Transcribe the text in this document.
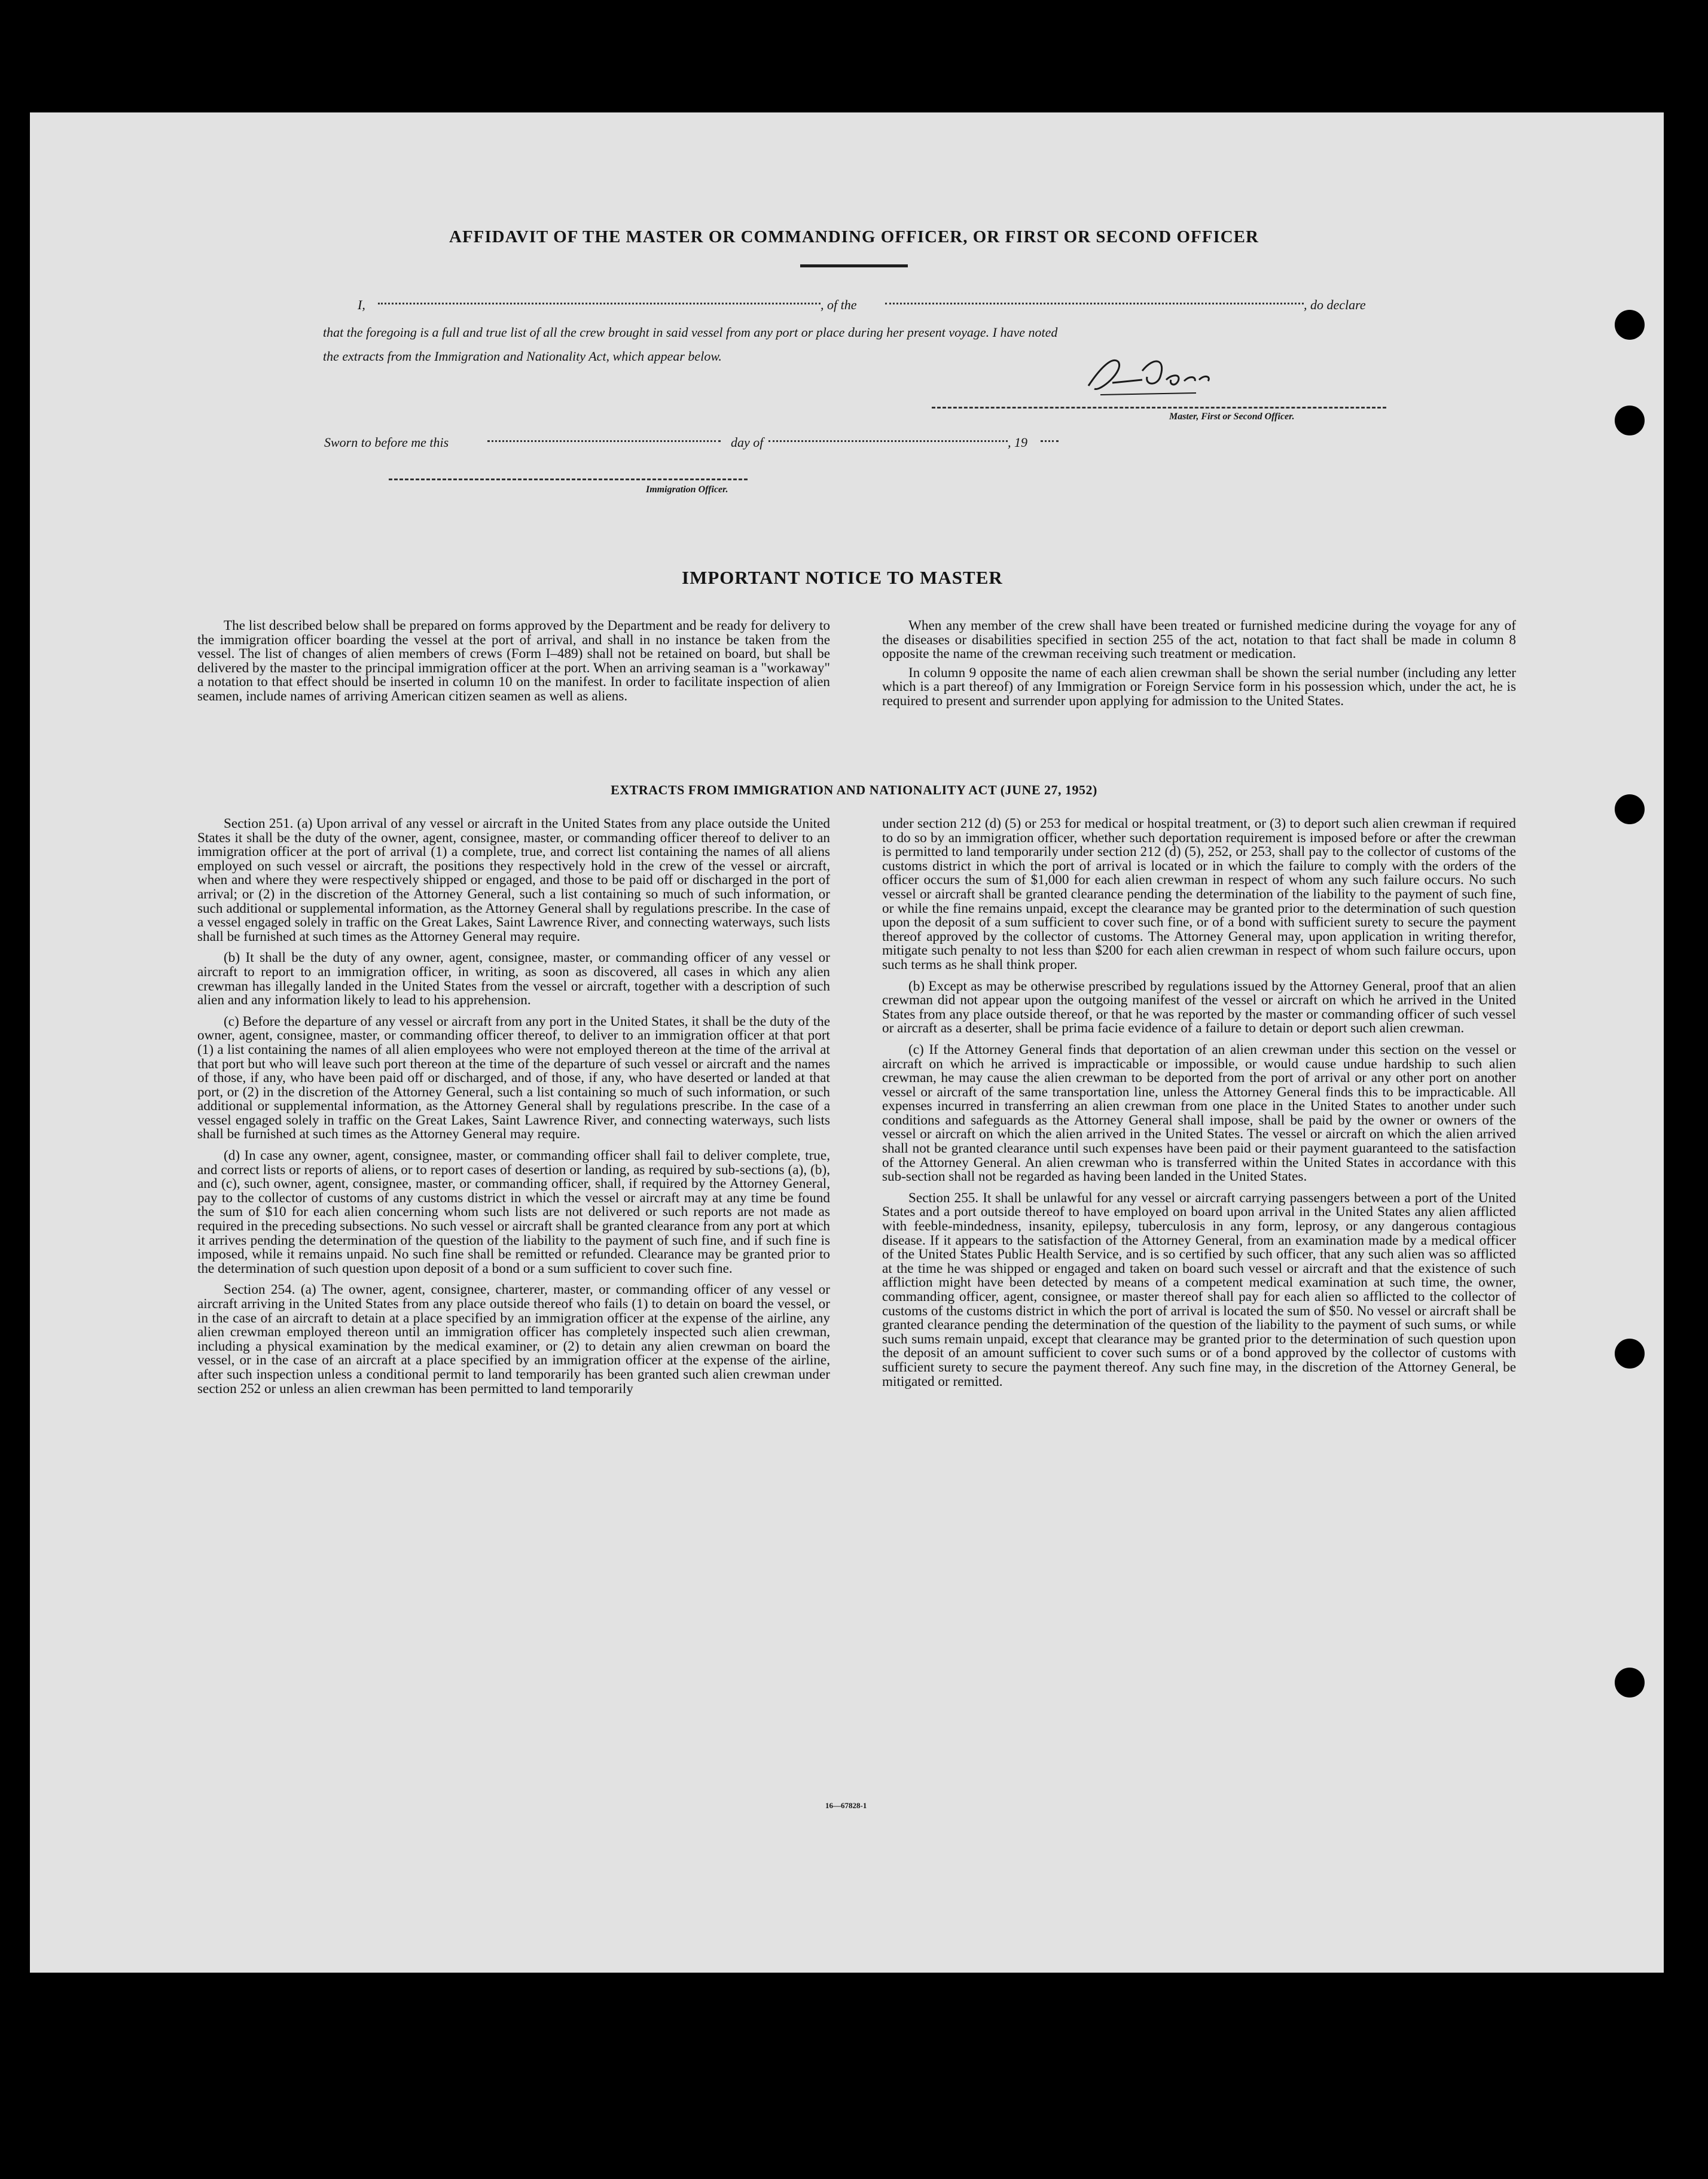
AFFIDAVIT OF THE MASTER OR COMMANDING OFFICER, OR FIRST OR SECOND OFFICER
I,	, of the	, do declare
that the foregoing is a full and true list of all the crew brought in said vessel from any port or place during her present voyage. I have noted
the extracts from the Immigration and Nationality Act, which appear below.
Master, First or Second Officer.
Sworn to before me this	day of	, 19
Immigration Officer.
IMPORTANT NOTICE TO MASTER

The list described below shall be prepared on forms approved by the Department and be ready for delivery to the immigration officer boarding the vessel at the port of arrival, and shall in no instance be taken from the vessel. The list of changes of alien members of crews (Form I–489) shall not be retained on board, but shall be delivered by the master to the principal immigration officer at the port. When an arriving seaman is a "workaway" a notation to that effect should be inserted in column 10 on the manifest. In order to facilitate inspection of alien seamen, include names of arriving American citizen seamen as well as aliens.

When any member of the crew shall have been treated or furnished medicine during the voyage for any of the diseases or disabilities specified in section 255 of the act, notation to that fact shall be made in column 8 opposite the name of the crewman receiving such treatment or medication.

In column 9 opposite the name of each alien crewman shall be shown the serial number (including any letter which is a part thereof) of any Immigration or Foreign Service form in his possession which, under the act, he is required to present and surrender upon applying for admission to the United States.

EXTRACTS FROM IMMIGRATION AND NATIONALITY ACT (JUNE 27, 1952)

Section 251. (a) Upon arrival of any vessel or aircraft in the United States from any place outside the United States it shall be the duty of the owner, agent, consignee, master, or commanding officer thereof to deliver to an immigration officer at the port of arrival (1) a complete, true, and correct list containing the names of all aliens employed on such vessel or aircraft, the positions they respectively hold in the crew of the vessel or aircraft, when and where they were respectively shipped or engaged, and those to be paid off or discharged in the port of arrival; or (2) in the discretion of the Attorney General, such a list containing so much of such information, or such additional or supplemental information, as the Attorney General shall by regulations prescribe. In the case of a vessel engaged solely in traffic on the Great Lakes, Saint Lawrence River, and connecting waterways, such lists shall be furnished at such times as the Attorney General may require.

(b) It shall be the duty of any owner, agent, consignee, master, or commanding officer of any vessel or aircraft to report to an immigration officer, in writing, as soon as discovered, all cases in which any alien crewman has illegally landed in the United States from the vessel or aircraft, together with a description of such alien and any information likely to lead to his apprehension.

(c) Before the departure of any vessel or aircraft from any port in the United States, it shall be the duty of the owner, agent, consignee, master, or commanding officer thereof, to deliver to an immigration officer at that port (1) a list containing the names of all alien employees who were not employed thereon at the time of the arrival at that port but who will leave such port thereon at the time of the departure of such vessel or aircraft and the names of those, if any, who have been paid off or discharged, and of those, if any, who have deserted or landed at that port, or (2) in the discretion of the Attorney General, such a list containing so much of such information, or such additional or supplemental information, as the Attorney General shall by regulations prescribe. In the case of a vessel engaged solely in traffic on the Great Lakes, Saint Lawrence River, and connecting waterways, such lists shall be furnished at such times as the Attorney General may require.

(d) In case any owner, agent, consignee, master, or commanding officer shall fail to deliver complete, true, and correct lists or reports of aliens, or to report cases of desertion or landing, as required by sub-sections (a), (b), and (c), such owner, agent, consignee, master, or commanding officer, shall, if required by the Attorney General, pay to the collector of customs of any customs district in which the vessel or aircraft may at any time be found the sum of $10 for each alien concerning whom such lists are not delivered or such reports are not made as required in the preceding subsections. No such vessel or aircraft shall be granted clearance from any port at which it arrives pending the determination of the question of the liability to the payment of such fine, and if such fine is imposed, while it remains unpaid. No such fine shall be remitted or refunded. Clearance may be granted prior to the determination of such question upon deposit of a bond or a sum sufficient to cover such fine.

Section 254. (a) The owner, agent, consignee, charterer, master, or commanding officer of any vessel or aircraft arriving in the United States from any place outside thereof who fails (1) to detain on board the vessel, or in the case of an aircraft to detain at a place specified by an immigration officer at the expense of the airline, any alien crewman employed thereon until an immigration officer has completely inspected such alien crewman, including a physical examination by the medical examiner, or (2) to detain any alien crewman on board the vessel, or in the case of an aircraft at a place specified by an immigration officer at the expense of the airline, after such inspection unless a conditional permit to land temporarily has been granted such alien crewman under section 252 or unless an alien crewman has been permitted to land temporarily

under section 212 (d) (5) or 253 for medical or hospital treatment, or (3) to deport such alien crewman if required to do so by an immigration officer, whether such deportation requirement is imposed before or after the crewman is permitted to land temporarily under section 212 (d) (5), 252, or 253, shall pay to the collector of customs of the customs district in which the port of arrival is located or in which the failure to comply with the orders of the officer occurs the sum of $1,000 for each alien crewman in respect of whom any such failure occurs. No such vessel or aircraft shall be granted clearance pending the determination of the liability to the payment of such fine, or while the fine remains unpaid, except the clearance may be granted prior to the determination of such question upon the deposit of a sum sufficient to cover such fine, or of a bond with sufficient surety to secure the payment thereof approved by the collector of customs. The Attorney General may, upon application in writing therefor, mitigate such penalty to not less than $200 for each alien crewman in respect of whom such failure occurs, upon such terms as he shall think proper.

(b) Except as may be otherwise prescribed by regulations issued by the Attorney General, proof that an alien crewman did not appear upon the outgoing manifest of the vessel or aircraft on which he arrived in the United States from any place outside thereof, or that he was reported by the master or commanding officer of such vessel or aircraft as a deserter, shall be prima facie evidence of a failure to detain or deport such alien crewman.

(c) If the Attorney General finds that deportation of an alien crewman under this section on the vessel or aircraft on which he arrived is impracticable or impossible, or would cause undue hardship to such alien crewman, he may cause the alien crewman to be deported from the port of arrival or any other port on another vessel or aircraft of the same transportation line, unless the Attorney General finds this to be impracticable. All expenses incurred in transferring an alien crewman from one place in the United States to another under such conditions and safeguards as the Attorney General shall impose, shall be paid by the owner or owners of the vessel or aircraft on which the alien arrived in the United States. The vessel or aircraft on which the alien arrived shall not be granted clearance until such expenses have been paid or their payment guaranteed to the satisfaction of the Attorney General. An alien crewman who is transferred within the United States in accordance with this sub-section shall not be regarded as having been landed in the United States.

Section 255. It shall be unlawful for any vessel or aircraft carrying passengers between a port of the United States and a port outside thereof to have employed on board upon arrival in the United States any alien afflicted with feeble-mindedness, insanity, epilepsy, tuberculosis in any form, leprosy, or any dangerous contagious disease. If it appears to the satisfaction of the Attorney General, from an examination made by a medical officer of the United States Public Health Service, and is so certified by such officer, that any such alien was so afflicted at the time he was shipped or engaged and taken on board such vessel or aircraft and that the existence of such affliction might have been detected by means of a competent medical examination at such time, the owner, commanding officer, agent, consignee, or master thereof shall pay for each alien so afflicted to the collector of customs of the customs district in which the port of arrival is located the sum of $50. No vessel or aircraft shall be granted clearance pending the determination of the question of the liability to the payment of such sums, or while such sums remain unpaid, except that clearance may be granted prior to the determination of such question upon the deposit of an amount sufficient to cover such sums or of a bond approved by the collector of customs with sufficient surety to secure the payment thereof. Any such fine may, in the discretion of the Attorney General, be mitigated or remitted.

16—67828-1
